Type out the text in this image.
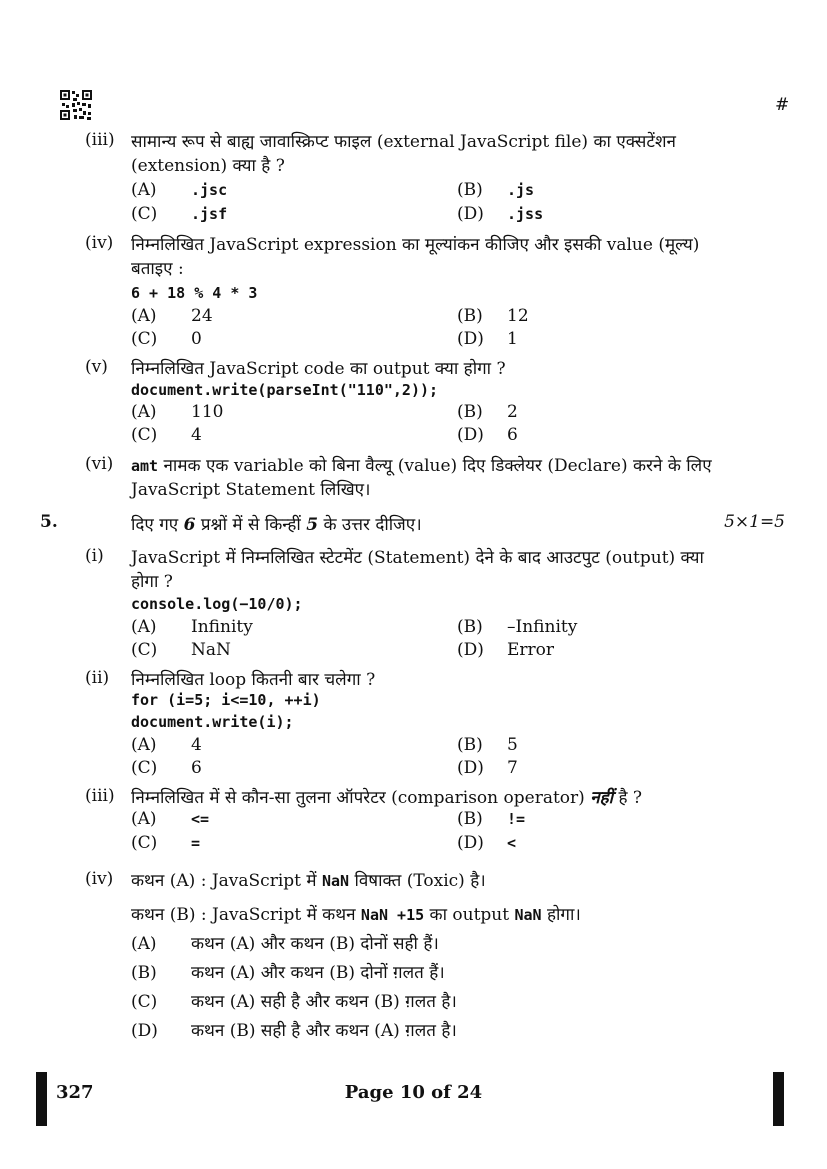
#
(iii) सामान्य रूप से बाह्य जावास्क्रिप्ट फाइल (external JavaScript file) का एक्सटेंशन
(extension) क्या है ?
(A) .jsc	(B) .js
(C) .jsf	(D) .jss
(iv) निम्नलिखित JavaScript expression का मूल्यांकन कीजिए और इसकी value (मूल्य)
बताइए :
6 + 18 % 4 * 3
(A) 24	(B) 12
(C) 0	(D) 1
(v) निम्नलिखित JavaScript code का output क्या होगा ?
document.write(parseInt("110",2));
(A) 110	(B) 2
(C) 4	(D) 6
(vi) amt नामक एक variable को बिना वैल्यू (value) दिए डिक्लेयर (Declare) करने के लिए
JavaScript Statement लिखिए।
5.	दिए गए 6 प्रश्नों में से किन्हीं 5 के उत्तर दीजिए।	5×1=5
(i) JavaScript में निम्नलिखित स्टेटमेंट (Statement) देने के बाद आउटपुट (output) क्या
होगा ?
console.log(−10/0);
(A) Infinity	(B) –Infinity
(C) NaN	(D) Error
(ii) निम्नलिखित loop कितनी बार चलेगा ?
for (i=5; i<=10, ++i)
document.write(i);
(A) 4	(B) 5
(C) 6	(D) 7
(iii) निम्नलिखित में से कौन-सा तुलना ऑपरेटर (comparison operator) नहीं है ?
(A) <=	(B) !=
(C) =	(D) <
(iv) कथन (A) : JavaScript में NaN विषाक्त (Toxic) है।
कथन (B) : JavaScript में कथन NaN +15 का output NaN होगा।
(A) कथन (A) और कथन (B) दोनों सही हैं।
(B) कथन (A) और कथन (B) दोनों ग़लत हैं।
(C) कथन (A) सही है और कथन (B) ग़लत है।
(D) कथन (B) सही है और कथन (A) ग़लत है।
327	Page 10 of 24
